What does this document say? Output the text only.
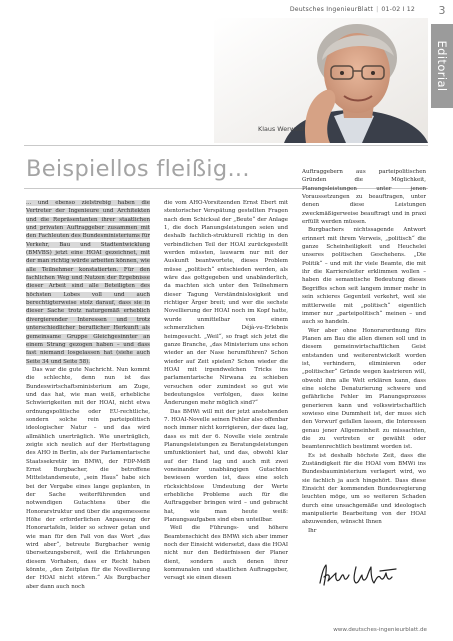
Deutsches IngenieurBlatt | 01-02 I 12	3
Editorial
Klaus Werwath
Beispiellos fleißig...

... und ebenso zielstrebig haben die Vertreter der Ingenieure und Architekten und die Repräsentanten ihrer staatlichen und privaten Auftraggeber zusammen mit den Fachleuten des Bundesministeriums für Verkehr, Bau und Stadtentwicklung (BMVBS) jetzt eine HOAI gezeichnet, mit der man richtig würde arbeiten können, wie alle Teilnehmer konstatierten. Für den fachlichen Weg und Nutzen der Ergebnisse dieser Arbeit sind alle Beteiligten des höchsten Lobes voll und auch berechtigterweise stolz darauf, dass sie in dieser Sache trotz naturgemäß erheblich divergierender Interessen und trotz unterschiedlicher beruflicher Herkunft als gemeinsame Gruppe Gleichgesinnter an einem Strang gezogen haben – und dass fast niemand losgelassen hat (siehe auch Seite 34 und Seite 58).

Das war die gute Nachricht. Nun kommt die schlechte, denn nun ist das Bundeswirtschaftsministerium am Zuge, und das hat, wie man weiß, erhebliche Schwierigkeiten mit der HOAI, nicht etwa ordnungspolitische oder EU-rechtliche, sondern solche rein parteipolitisch ideologischer Natur – und das wird allmählich unerträglich. Wie unerträglich, zeigte sich neulich auf der Herbsttagung des AHO in Berlin, als der Parlamentarische Staatssekretär im BMWi, der FDP-MdB Ernst Burgbacher, die betroffene Mittelstandsmeute, „sein Haus“ habe sich bei der Vergabe eines lange geplanten, in der Sache weiterführenden und notwendigen Gutachtens über die Honorarstruktur und über die angemessene Höhe der erforderlichen Anpassung der Honorartafeln, leider so schwer getan und wie man für den Fall von das Wort „das wird aber“, betreute Burgbacher wenig übersetzungsbereit, weil die Erfahrungen diesem Vorhaben, dass er Recht haben könnte, „den Zeitplan für die Novellierung der HOAI nicht stören.“ Als Burgbacher aber dann auch noch

die vom AHO-Vorsitzenden Ernst Ebert mit stentorischer Verspätung gestellten Fragen nach dem Schicksal der „Beute“ der Anlage 1, die doch Planungsleistungen seien und deshalb fachlich-strukturell richtig in den verbindlichen Teil der HOAI zurückgestellt werden müssten, lauwarm nur mit der Auskunft beantwortete, dieses Problem müsse „politisch“ entschieden werden, als wäre das gottgegeben und unabänderlich, da machten sich unter den Teilnehmern dieser Tagung Verständnislosigkeit und richtiger Ärger breit; und wer die sechste Novellierung der HOAI noch im Kopf hatte, wurde unmittelbar von einem schmerzlichen Déjà-vu-Erlebnis heimgesucht. „Weil“, so fragt sich jetzt die ganze Branche, „das Ministerium uns schon wieder an der Nase herumführen? Schon wieder auf Zeit spielen? Schon wieder die HOAI mit irgendwelchen Tricks ins parlamentarische Nirwana zu schieben versuchen oder zumindest so gut wie bedeutungslos verfolgen, dass keine Änderungen mehr möglich sind?“

Das BMWi will mit der jetzt anstehenden 7. HOAI-Novelle seinen Fehler also offenbar noch immer nicht korrigieren, der dazu lag, dass es mit der 6. Novelle viele zentrale Planungsleistungen zu Beratungsleistungen umfunktioniert hat, und das, obwohl klar auf der Hand lag und auch mit zwei voneinander unabhängigen Gutachten bewiesen worden ist, dass eine solch rücksichtslose Umdeutung der Werte erhebliche Probleme auch für die Auftraggeber bringen wird – und gebracht hat, wie man heute weiß: Planungsaufgaben sind eben unteilbar.

Weil die Führungs- und höhere Beamtenschicht des BMWi sich aber immer noch der Einsicht widersetzt, dass die HOAI nicht nur den Bedürfnissen der Planer dient, sondern auch denen ihrer kommunalen und staatlichen Auftraggeber, versagt sie einen diesen

Auftraggebern aus parteipolitischen Gründen die Möglichkeit, Planungsleistungen unter jenen Voraussetzungen zu beauftragen, unter denen diese Leistungen zweckmäßigerweise beauftragt und in praxi erfüllt werden müssen.

Burgbachers nichtssagende Antwort erinnert mit ihrem Verweis, „politisch“ die ganze Scheinheiligkeit und Heuchelei unseres politischen Geschehens. „Die Politik“ – und mit ihr viele Beamte, die mit ihr die Karriereleiter erklimmen wollen – haben die semantische Bedeutung dieses Begriffes schon seit langem immer mehr in sein schieres Gegenteil verkehrt, weil sie mittlerweile mit „politisch“ eigentlich immer nur „parteipolitisch“ meinen – und auch so handeln.

Wer aber ohne Honorarordnung fürs Planen am Bau die allen dienen soll und in diesem gemeinwirtschaftlichen Geist entstanden und weiterentwickelt worden ist, verhindern, eliminieren oder „politischer“ Gründe wegen kastrieren will, obwohl ihm alle Welt erklären kann, dass eine solche Denaturierung schwere und gefährliche Fehler im Planungsprozess generieren kann und volkswirtschaftlich sowieso eine Dummheit ist, der muss sich den Vorwurf gefallen lassen, die Interessen genau jener Allgemeinheit zu missachten, die zu vertreten er gewählt oder beamtenrechtlich bestimmt worden ist.

Es ist deshalb höchste Zeit, dass die Zuständigkeit für die HOAI vom BMWi ins Bundesbauministerium verlagert wird, wo sie fachlich ja auch hingehört. Dass diese Einsicht der kommenden Bundesregierung leuchten möge, um so weiteren Schaden durch eine unsachgemäße und ideologisch manipulierte Bearbeitung von der HOAI abzuwenden, wünscht Ihnen

Ihr

www.deutsches-ingenieurblatt.de
